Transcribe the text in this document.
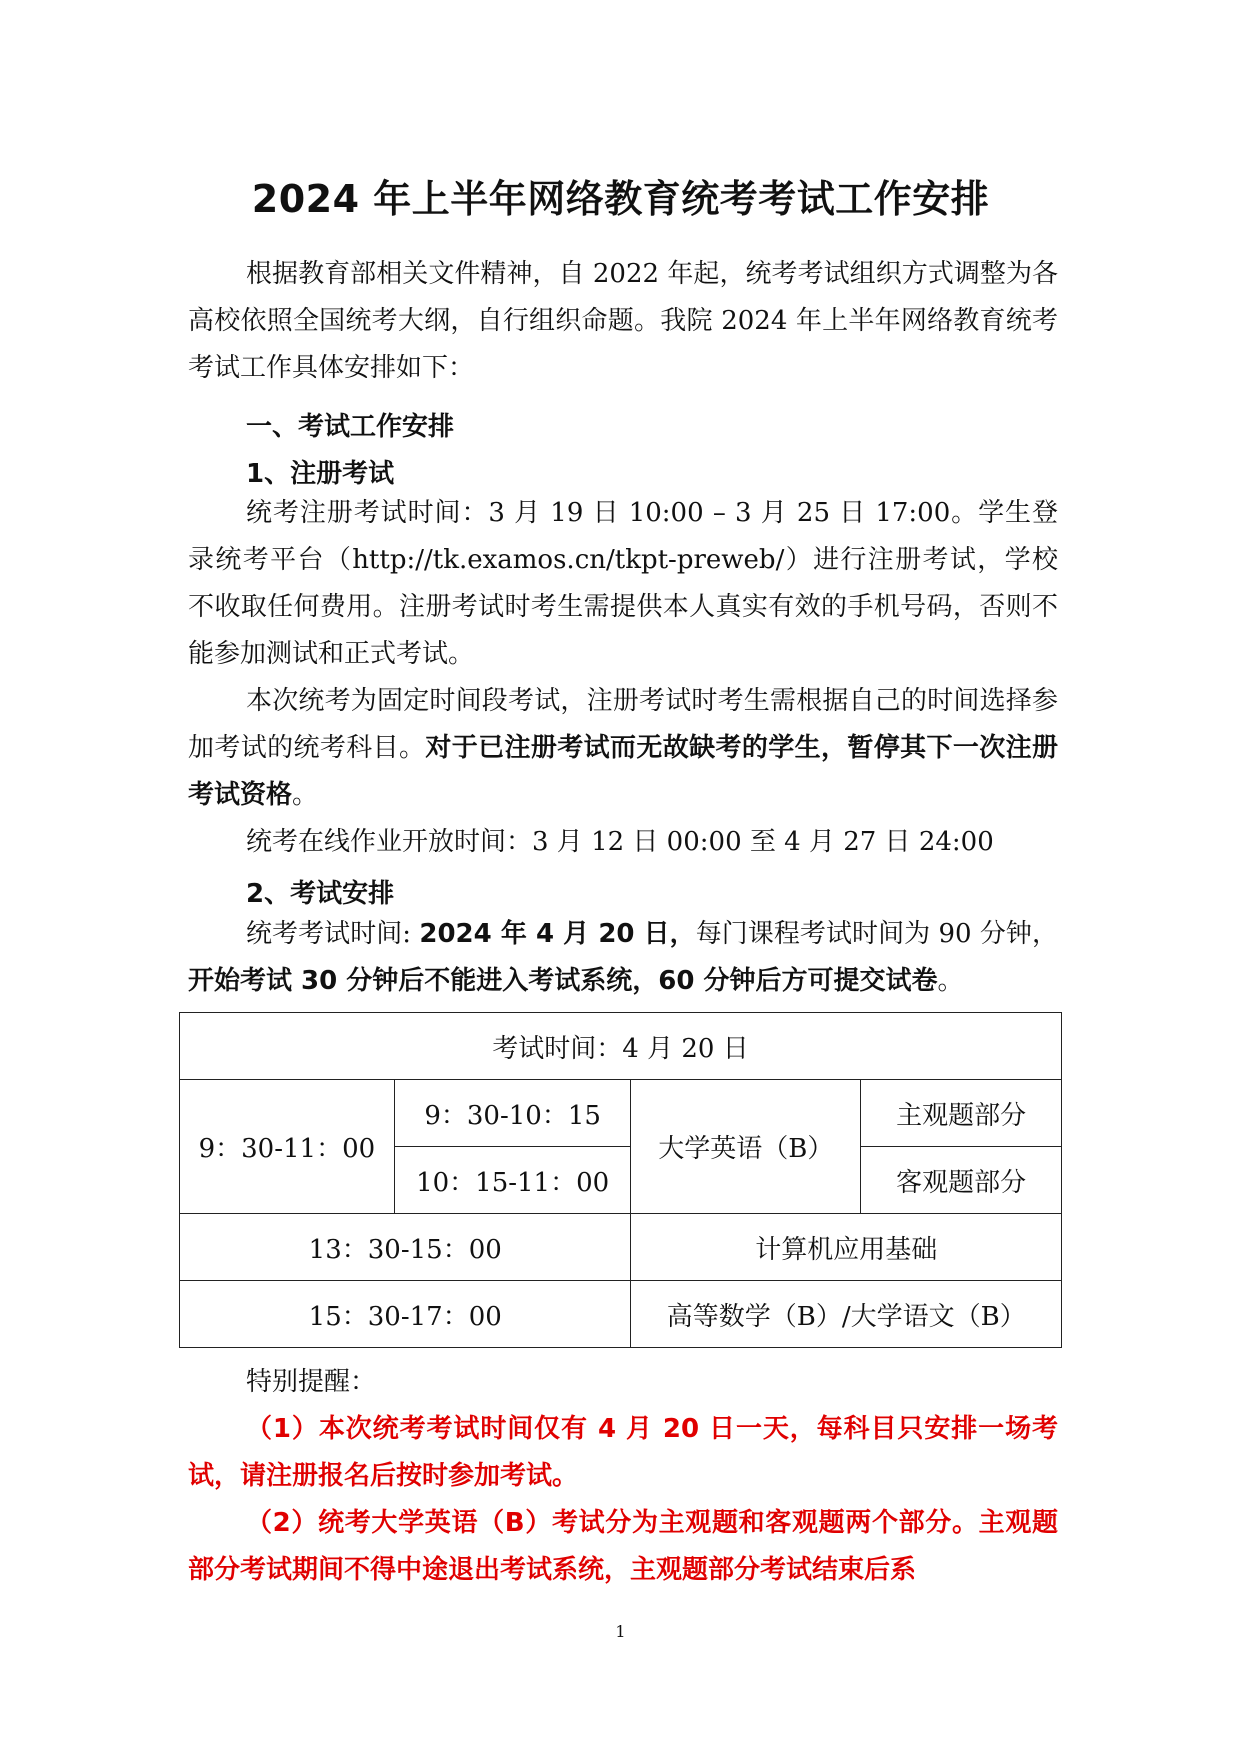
2024 年上半年网络教育统考考试工作安排
根据教育部相关文件精神，自 2022 年起，统考考试组织方式调整为各高校依照全国统考大纲，自行组织命题。我院 2024 年上半年网络教育统考考试工作具体安排如下：
一、考试工作安排
1、注册考试
统考注册考试时间：3 月 19 日 10:00 – 3 月 25 日 17:00。学生登录统考平台（http://tk.examos.cn/tkpt-preweb/）进行注册考试，学校不收取任何费用。注册考试时考生需提供本人真实有效的手机号码，否则不能参加测试和正式考试。
本次统考为固定时间段考试，注册考试时考生需根据自己的时间选择参加考试的统考科目。对于已注册考试而无故缺考的学生，暂停其下一次注册考试资格。
统考在线作业开放时间：3 月 12 日 00:00 至 4 月 27 日 24:00
2、考试安排
统考考试时间: 2024 年 4 月 20 日，每门课程考试时间为 90 分钟，开始考试 30 分钟后不能进入考试系统，60 分钟后方可提交试卷。
考试时间：4 月 20 日			
9：30-11：00	9：30-10：15	大学英语（B）	主观题部分
	10：15-11：00		客观题部分
13：30-15：00		计算机应用基础	
15：30-17：00		高等数学（B）/大学语文（B）	
特别提醒：
（1）本次统考考试时间仅有 4 月 20 日一天，每科目只安排一场考试，请注册报名后按时参加考试。
（2）统考大学英语（B）考试分为主观题和客观题两个部分。主观题部分考试期间不得中途退出考试系统，主观题部分考试结束后系
1
